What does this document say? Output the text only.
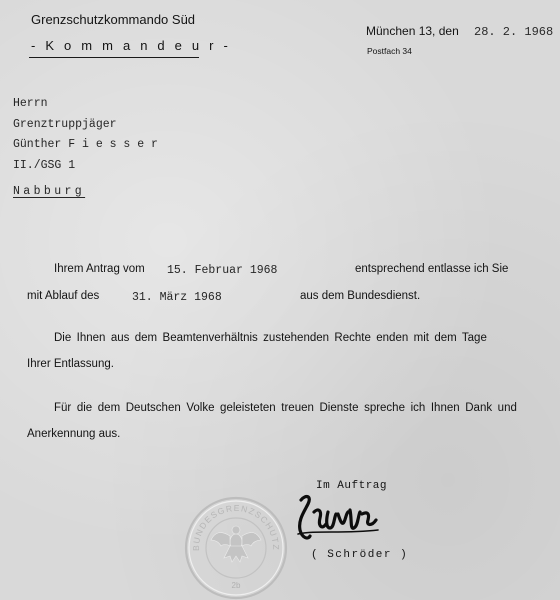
Grenzschutzkommando Süd
- K o m m a n d e u r -
München 13, den 28. 2. 1968
Postfach 34
Herrn
Grenztruppjäger
Günther F i e s s e r
II./GSG 1
Nabburg
Ihrem Antrag vom 15. Februar 1968	entsprechend entlasse ich Sie
mit Ablauf des	31. März 1968	aus dem Bundesdienst.
Die Ihnen aus dem Beamtenverhältnis zustehenden Rechte enden mit dem Tage
Ihrer Entlassung.
Für die dem Deutschen Volke geleisteten treuen Dienste spreche ich Ihnen Dank und
Anerkennung aus.
Im Auftrag
( Schröder )
BUNDESGRENZSCHUTZ
2b
